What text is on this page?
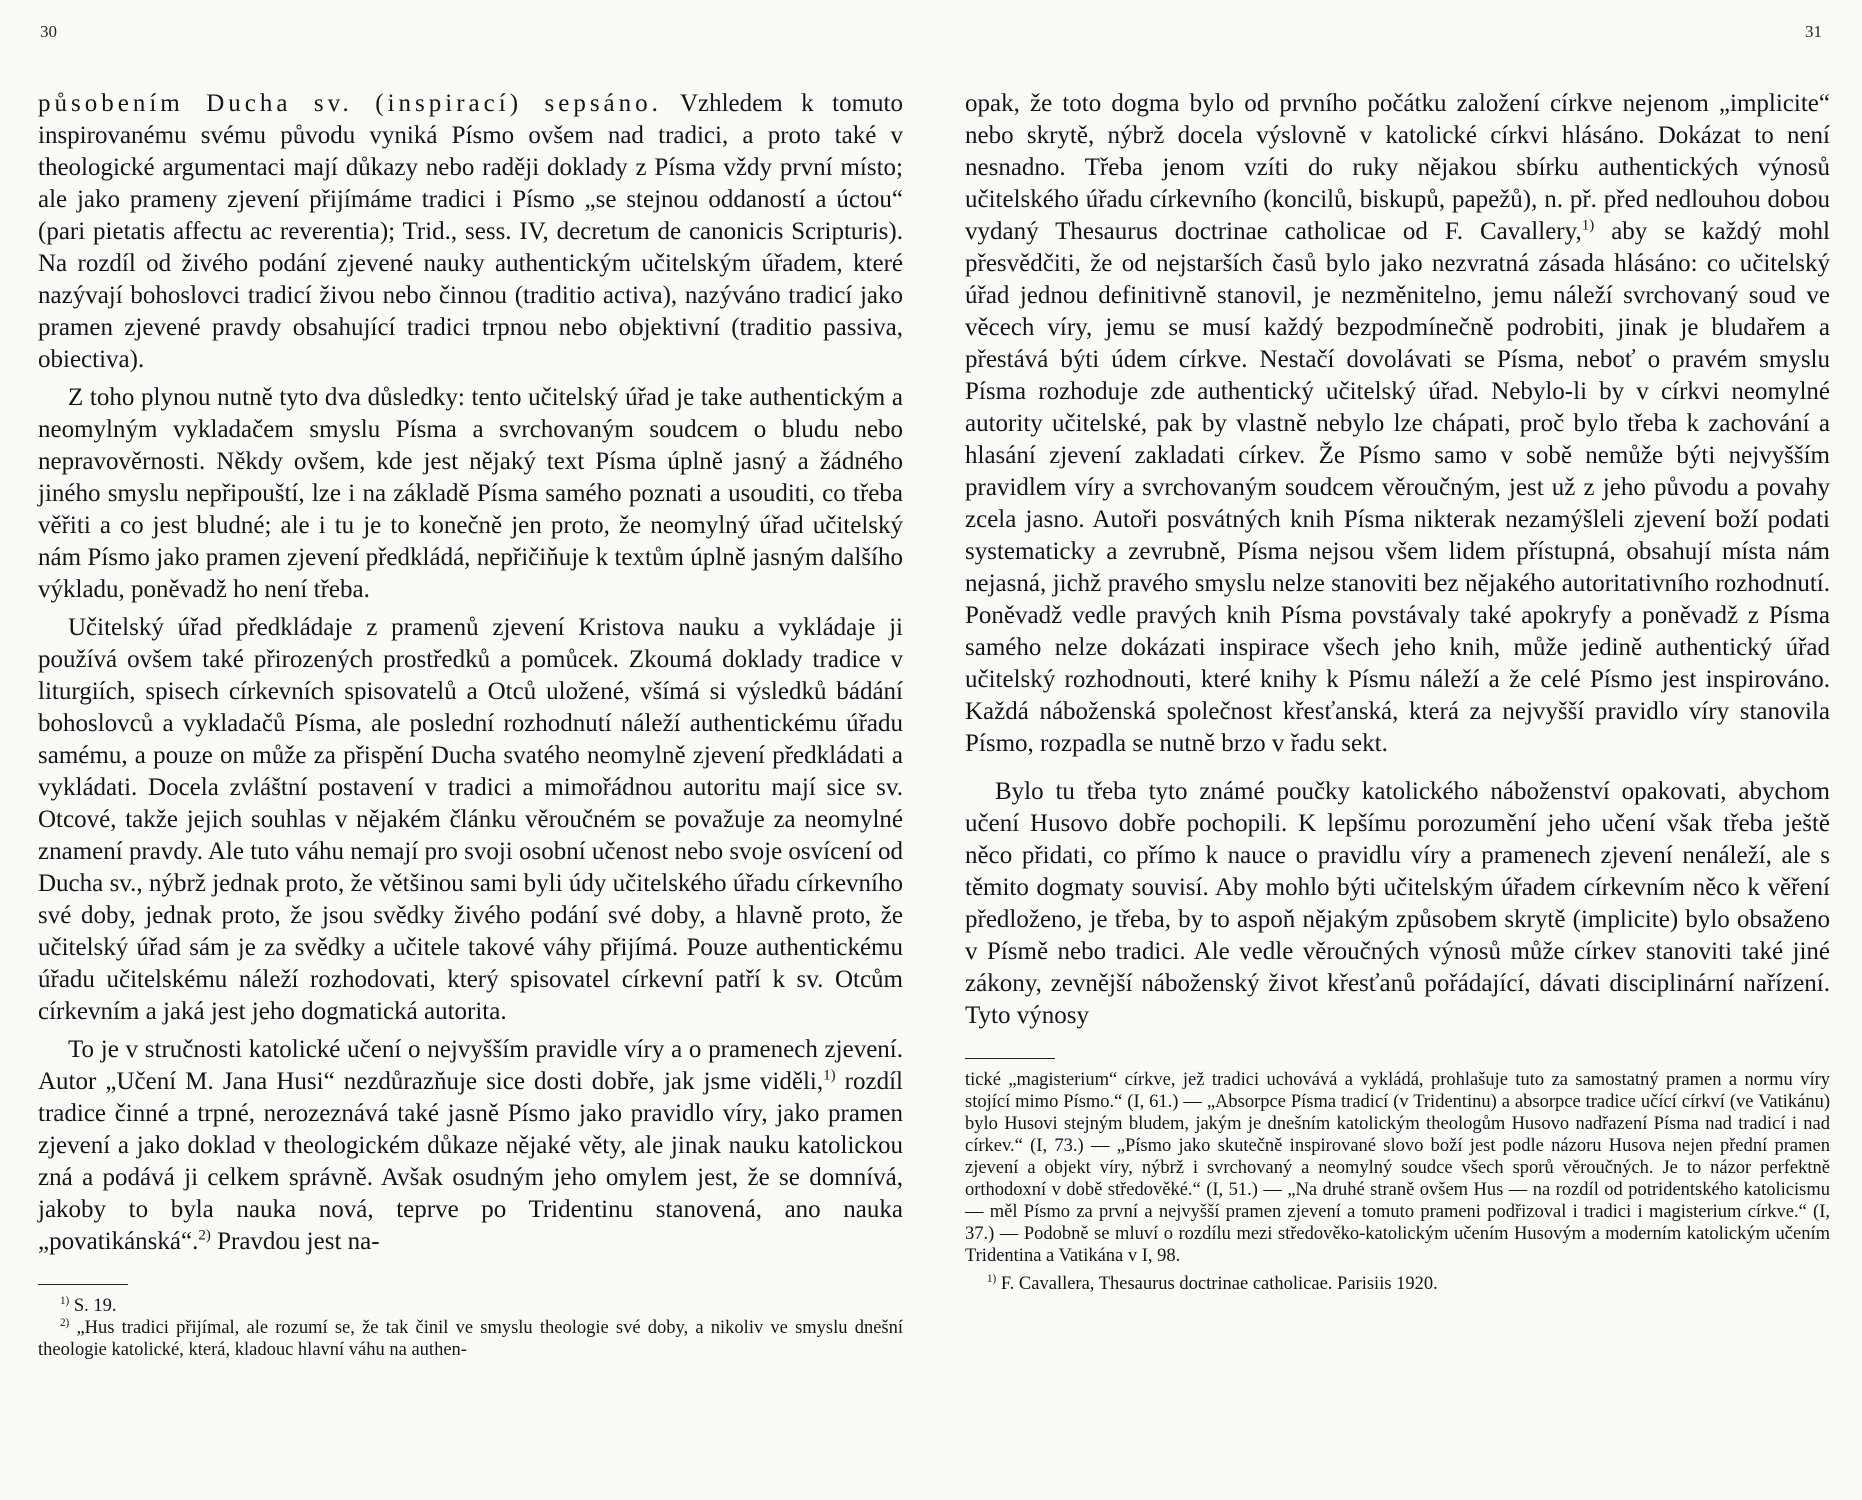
30	31

působením Ducha sv. (inspirací) sepsáno. Vzhledem k tomuto inspirovanému svému původu vyniká Písmo ovšem nad tradici, a proto také v theologické argumentaci mají důkazy nebo raději doklady z Písma vždy první místo; ale jako prameny zjevení přijímáme tradici i Písmo „se stejnou oddaností a úctou“ (pari pietatis affectu ac reverentia); Trid., sess. IV, decretum de canonicis Scripturis). Na rozdíl od živého podání zjevené nauky authentickým učitelským úřadem, které nazývají bohoslovci tradicí živou nebo činnou (traditio activa), nazýváno tradicí jako pramen zjevené pravdy obsahující tradici trpnou nebo objektivní (traditio passiva, obiectiva).

Z toho plynou nutně tyto dva důsledky: tento učitelský úřad je take authentickým a neomylným vykladačem smyslu Písma a svrchovaným soudcem o bludu nebo nepravověrnosti. Někdy ovšem, kde jest nějaký text Písma úplně jasný a žádného jiného smyslu nepřipouští, lze i na základě Písma samého poznati a usouditi, co třeba věřiti a co jest bludné; ale i tu je to konečně jen proto, že neomylný úřad učitelský nám Písmo jako pramen zjevení předkládá, nepřičiňuje k textům úplně jasným dalšího výkladu, poněvadž ho není třeba.

Učitelský úřad předkládaje z pramenů zjevení Kristova nauku a vykládaje ji používá ovšem také přirozených prostředků a pomůcek. Zkoumá doklady tradice v liturgiích, spisech církevních spisovatelů a Otců uložené, všímá si výsledků bádání bohoslovců a vykladačů Písma, ale poslední rozhodnutí náleží authentickému úřadu samému, a pouze on může za přispění Ducha svatého neomylně zjevení předkládati a vykládati. Docela zvláštní postavení v tradici a mimořádnou autoritu mají sice sv. Otcové, takže jejich souhlas v nějakém článku věroučném se považuje za neomylné znamení pravdy. Ale tuto váhu nemají pro svoji osobní učenost nebo svoje osvícení od Ducha sv., nýbrž jednak proto, že většinou sami byli údy učitelského úřadu církevního své doby, jednak proto, že jsou svědky živého podání své doby, a hlavně proto, že učitelský úřad sám je za svědky a učitele takové váhy přijímá. Pouze authentickému úřadu učitelskému náleží rozhodovati, který spisovatel církevní patří k sv. Otcům církevním a jaká jest jeho dogmatická autorita.

To je v stručnosti katolické učení o nejvyšším pravidle víry a o pramenech zjevení. Autor „Učení M. Jana Husi“ nezdůrazňuje sice dosti dobře, jak jsme viděli,$^{1)}$ rozdíl tradice činné a trpné, nerozeznává také jasně Písmo jako pravidlo víry, jako pramen zjevení a jako doklad v theologickém důkaze nějaké věty, ale jinak nauku katolickou zná a podává ji celkem správně. Avšak osudným jeho omylem jest, že se domnívá, jakoby to byla nauka nová, teprve po Tridentinu stanovená, ano nauka „povatikánská“.$^{2)}$ Pravdou jest na-

$^{1)}$ S. 19.

$^{2)}$ „Hus tradici přijímal, ale rozumí se, že tak činil ve smyslu theologie své doby, a nikoliv ve smyslu dnešní theologie katolické, která, kladouc hlavní váhu na authen-

opak, že toto dogma bylo od prvního počátku založení církve nejenom „implicite“ nebo skrytě, nýbrž docela výslovně v katolické církvi hlásáno. Dokázat to není nesnadno. Třeba jenom vzíti do ruky nějakou sbírku authentických výnosů učitelského úřadu církevního (koncilů, biskupů, papežů), n. př. před nedlouhou dobou vydaný Thesaurus doctrinae catholicae od F. Cavallery,$^{1)}$ aby se každý mohl přesvědčiti, že od nejstarších časů bylo jako nezvratná zásada hlásáno: co učitelský úřad jednou definitivně stanovil, je nezměnitelno, jemu náleží svrchovaný soud ve věcech víry, jemu se musí každý bezpodmínečně podrobiti, jinak je bludařem a přestává býti údem církve. Nestačí dovolávati se Písma, neboť o pravém smyslu Písma rozhoduje zde authentický učitelský úřad. Nebylo-li by v církvi neomylné autority učitelské, pak by vlastně nebylo lze chápati, proč bylo třeba k zachování a hlasání zjevení zakladati církev. Že Písmo samo v sobě nemůže býti nejvyšším pravidlem víry a svrchovaným soudcem věroučným, jest už z jeho původu a povahy zcela jasno. Autoři posvátných knih Písma nikterak nezamýšleli zjevení boží podati systematicky a zevrubně, Písma nejsou všem lidem přístupná, obsahují místa nám nejasná, jichž pravého smyslu nelze stanoviti bez nějakého autoritativního rozhodnutí. Poněvadž vedle pravých knih Písma povstávaly také apokryfy a poněvadž z Písma samého nelze dokázati inspirace všech jeho knih, může jedině authentický úřad učitelský rozhodnouti, které knihy k Písmu náleží a že celé Písmo jest inspirováno. Každá náboženská společnost křesťanská, která za nejvyšší pravidlo víry stanovila Písmo, rozpadla se nutně brzo v řadu sekt.

Bylo tu třeba tyto známé poučky katolického náboženství opakovati, abychom učení Husovo dobře pochopili. K lepšímu porozumění jeho učení však třeba ještě něco přidati, co přímo k nauce o pravidlu víry a pramenech zjevení nenáleží, ale s těmito dogmaty souvisí. Aby mohlo býti učitelským úřadem církevním něco k věření předloženo, je třeba, by to aspoň nějakým způsobem skrytě (implicite) bylo obsaženo v Písmě nebo tradici. Ale vedle věroučných výnosů může církev stanoviti také jiné zákony, zevnější náboženský život křesťanů pořádající, dávati disciplinární nařízení. Tyto výnosy

tické „magisterium“ církve, jež tradici uchovává a vykládá, prohlašuje tuto za samostatný pramen a normu víry stojící mimo Písmo.“ (I, 61.) — „Absorpce Písma tradicí (v Tridentinu) a absorpce tradice učící církví (ve Vatikánu) bylo Husovi stejným bludem, jakým je dnešním katolickým theologům Husovo nadřazení Písma nad tradicí i nad církev.“ (I, 73.) — „Písmo jako skutečně inspirované slovo boží jest podle názoru Husova nejen přední pramen zjevení a objekt víry, nýbrž i svrchovaný a neomylný soudce všech sporů věroučných. Je to názor perfektně orthodoxní v době středověké.“ (I, 51.) — „Na druhé straně ovšem Hus — na rozdíl od potridentského katolicismu — měl Písmo za první a nejvyšší pramen zjevení a tomuto prameni podřizoval i tradici i magisterium církve.“ (I, 37.) — Podobně se mluví o rozdílu mezi středověko-katolickým učením Husovým a moderním katolickým učením Tridentina a Vatikána v I, 98.

$^{1)}$ F. Cavallera, Thesaurus doctrinae catholicae. Parisiis 1920.
